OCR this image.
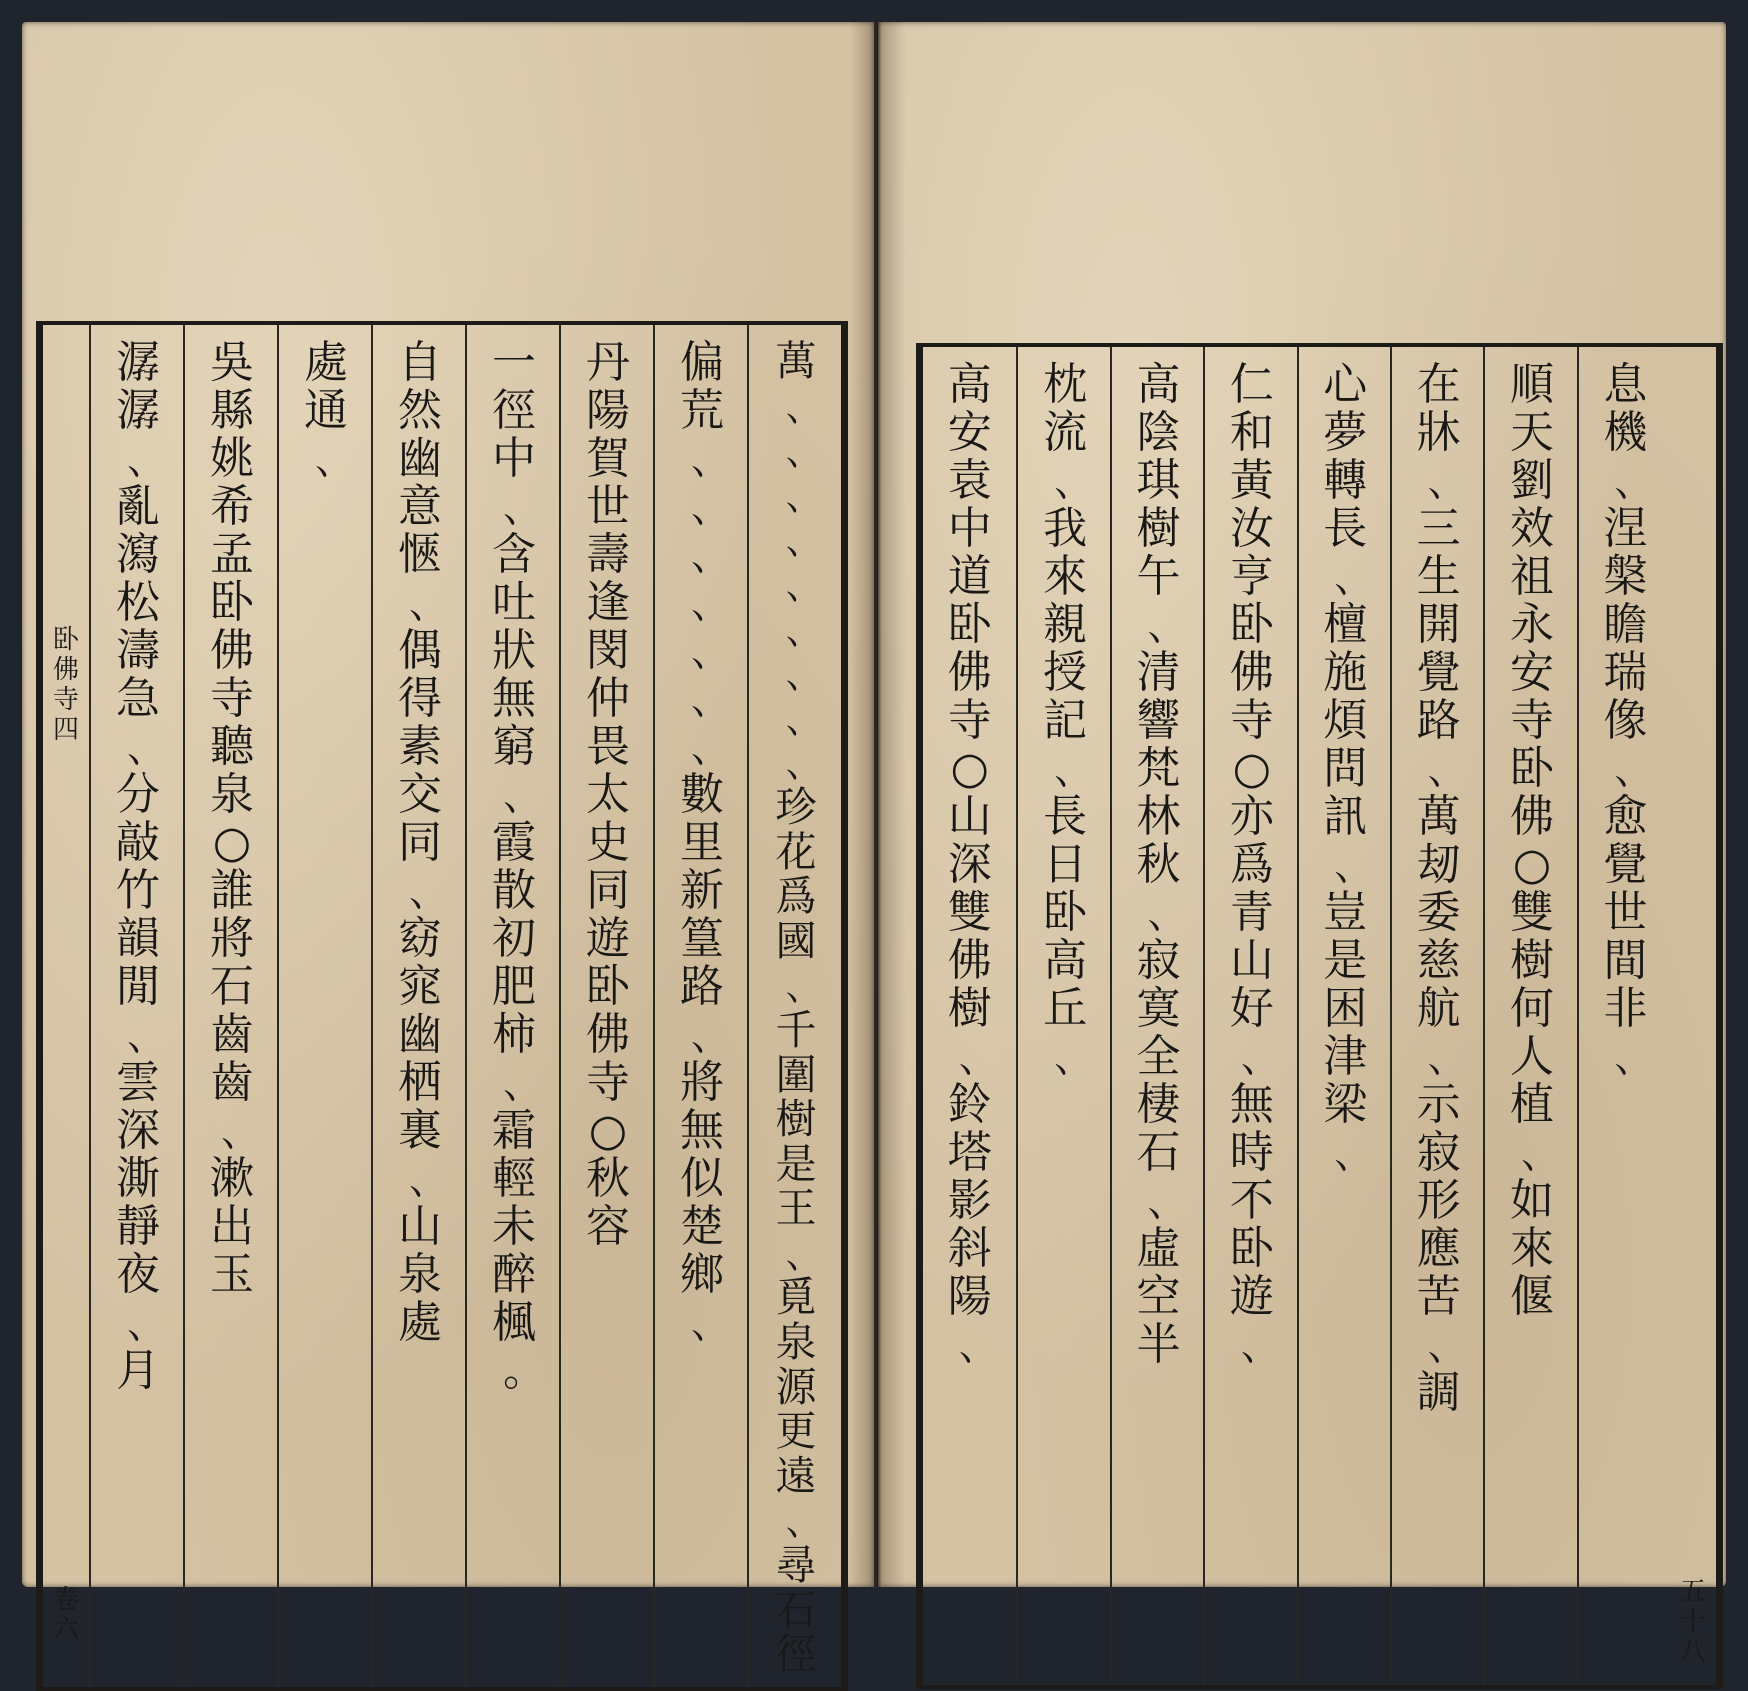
卧
佛
寺
四
卷
六
萬
､
､
､
､
､
､
､
､
､
珍
花
爲
國
､
千
圍
樹
是
王
､
覓
泉
源
更
遠
､
尋
石
徑
偏
荒
､
､
､
､
､
､
､
數
里
新
篁
路
､
將
無
似
楚
鄉
､
丹
陽
賀
世
壽
逢
閔
仲
畏
太
史
同
遊
卧
佛
寺
○
秋
容
一
徑
中
､
含
吐
狀
無
窮
､
霞
散
初
肥
柿
､
霜
輕
未
醉
楓
｡
自
然
幽
意
愜
､
偶
得
素
交
同
､
窈
窕
幽
栖
裏
､
山
泉
處
處
通
､
吳
縣
姚
希
孟
卧
佛
寺
聽
泉
○
誰
將
石
齒
齒
､
漱
出
玉
潺
潺
､
亂
瀉
松
濤
急
､
分
敲
竹
韻
閒
､
雲
深
澌
靜
夜
､
月
息
機
､
涅
槃
瞻
瑞
像
､
愈
覺
世
間
非
､
順
天
劉
效
祖
永
安
寺
卧
佛
○
雙
樹
何
人
植
､
如
來
偃
在
牀
､
三
生
開
覺
路
､
萬
刼
委
慈
航
､
示
寂
形
應
苦
､
調
心
夢
轉
長
､
檀
施
煩
問
訊
､
豈
是
困
津
梁
､
仁
和
黃
汝
亨
卧
佛
寺
○
亦
爲
青
山
好
､
無
時
不
卧
遊
､
高
陰
琪
樹
午
､
清
響
梵
林
秋
､
寂
寞
全
棲
石
､
虛
空
半
枕
流
､
我
來
親
授
記
､
長
日
卧
高
丘
､
高
安
袁
中
道
卧
佛
寺
○
山
深
雙
佛
樹
､
鈴
塔
影
斜
陽
､
五
十
八
